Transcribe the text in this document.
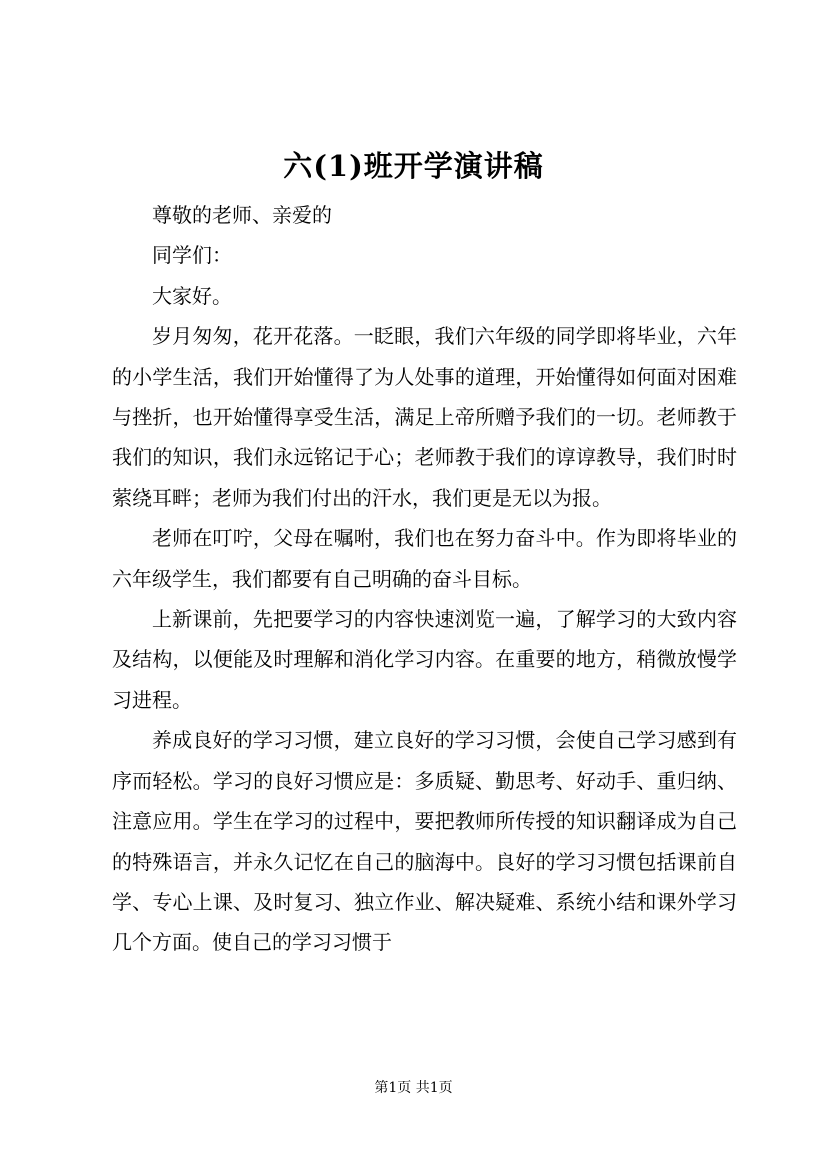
六(1)班开学演讲稿

尊敬的老师、亲爱的

同学们：

大家好。

岁月匆匆，花开花落。一眨眼，我们六年级的同学即将毕业，六年的小学生活，我们开始懂得了为人处事的道理，开始懂得如何面对困难与挫折，也开始懂得享受生活，满足上帝所赠予我们的一切。老师教于我们的知识，我们永远铭记于心；老师教于我们的谆谆教导，我们时时萦绕耳畔；老师为我们付出的汗水，我们更是无以为报。

老师在叮咛，父母在嘱咐，我们也在努力奋斗中。作为即将毕业的六年级学生，我们都要有自己明确的奋斗目标。

上新课前，先把要学习的内容快速浏览一遍，了解学习的大致内容及结构，以便能及时理解和消化学习内容。在重要的地方，稍微放慢学习进程。

养成良好的学习习惯，建立良好的学习习惯，会使自己学习感到有序而轻松。学习的良好习惯应是：多质疑、勤思考、好动手、重归纳、注意应用。学生在学习的过程中，要把教师所传授的知识翻译成为自己的特殊语言，并永久记忆在自己的脑海中。良好的学习习惯包括课前自学、专心上课、及时复习、独立作业、解决疑难、系统小结和课外学习几个方面。使自己的学习习惯于

第1页 共1页
